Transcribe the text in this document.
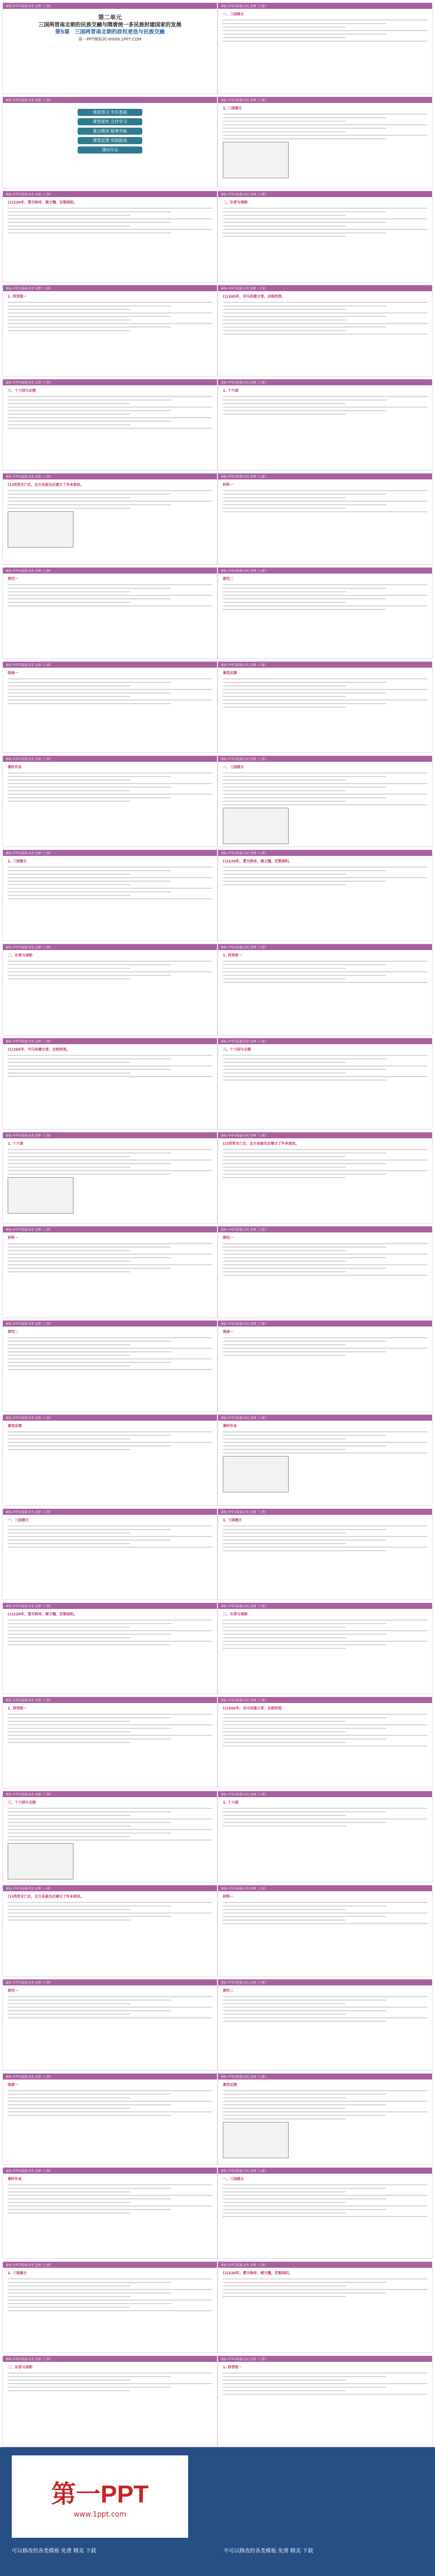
新标·中华书局版·历史 必修（上册）
第二单元
三国两晋南北朝的民族交融与隋唐统一多民族封建国家的发展
第5课　三国两晋南北朝的政权更迭与民族交融
第一PPT模板网-WWW.1PPT.COM
新标·中华书局版·历史 必修（上册）
一、三国鼎立
新标·中华书局版·历史 必修（上册）
课前预习 夯实基础
课堂探究 合作学习
要点精讲 疑难突破
课堂反馈 巩固提高
课时作业
新标·中华书局版·历史 必修（上册）
1. 三国建立
新标·中华书局版·历史 必修（上册）
(1)220年，曹丕称帝，建立魏，定都洛阳。
新标·中华书局版·历史 必修（上册）
二、东晋与南朝
新标·中华书局版·历史 必修（上册）
1. 西晋统一
新标·中华书局版·历史 必修（上册）
(1)265年，司马炎建立晋，史称西晋。
新标·中华书局版·历史 必修（上册）
三、十六国与北朝
新标·中华书局版·历史 必修（上册）
1. 十六国
新标·中华书局版·历史 必修（上册）
(1)西晋灭亡后，北方各族先后建立了许多政权。
新标·中华书局版·历史 必修（上册）
材料一
新标·中华书局版·历史 必修（上册）
探究一
新标·中华书局版·历史 必修（上册）
探究二
新标·中华书局版·历史 必修（上册）
阅读一
新标·中华书局版·历史 必修（上册）
课堂反馈
新标·中华书局版·历史 必修（上册）
课时作业
新标·中华书局版·历史 必修（上册）
一、三国鼎立
新标·中华书局版·历史 必修（上册）
1. 三国建立
新标·中华书局版·历史 必修（上册）
(1)220年，曹丕称帝，建立魏，定都洛阳。
新标·中华书局版·历史 必修（上册）
二、东晋与南朝
新标·中华书局版·历史 必修（上册）
1. 西晋统一
新标·中华书局版·历史 必修（上册）
(1)265年，司马炎建立晋，史称西晋。
新标·中华书局版·历史 必修（上册）
三、十六国与北朝
新标·中华书局版·历史 必修（上册）
1. 十六国
新标·中华书局版·历史 必修（上册）
(1)西晋灭亡后，北方各族先后建立了许多政权。
新标·中华书局版·历史 必修（上册）
材料一
新标·中华书局版·历史 必修（上册）
探究一
新标·中华书局版·历史 必修（上册）
探究二
新标·中华书局版·历史 必修（上册）
阅读一
新标·中华书局版·历史 必修（上册）
课堂反馈
新标·中华书局版·历史 必修（上册）
课时作业
新标·中华书局版·历史 必修（上册）
一、三国鼎立
新标·中华书局版·历史 必修（上册）
1. 三国建立
新标·中华书局版·历史 必修（上册）
(1)220年，曹丕称帝，建立魏，定都洛阳。
新标·中华书局版·历史 必修（上册）
二、东晋与南朝
新标·中华书局版·历史 必修（上册）
1. 西晋统一
新标·中华书局版·历史 必修（上册）
(1)265年，司马炎建立晋，史称西晋。
新标·中华书局版·历史 必修（上册）
三、十六国与北朝
新标·中华书局版·历史 必修（上册）
1. 十六国
新标·中华书局版·历史 必修（上册）
(1)西晋灭亡后，北方各族先后建立了许多政权。
新标·中华书局版·历史 必修（上册）
材料一
新标·中华书局版·历史 必修（上册）
探究一
新标·中华书局版·历史 必修（上册）
探究二
新标·中华书局版·历史 必修（上册）
阅读一
新标·中华书局版·历史 必修（上册）
课堂反馈
新标·中华书局版·历史 必修（上册）
课时作业
新标·中华书局版·历史 必修（上册）
一、三国鼎立
新标·中华书局版·历史 必修（上册）
1. 三国建立
新标·中华书局版·历史 必修（上册）
(1)220年，曹丕称帝，建立魏，定都洛阳。
新标·中华书局版·历史 必修（上册）
二、东晋与南朝
新标·中华书局版·历史 必修（上册）
1. 西晋统一
第一PPT
www.1ppt.com
可以修改的各类模板 免费 精美 下载	不可以修改的各类模板 免费 精美 下载
